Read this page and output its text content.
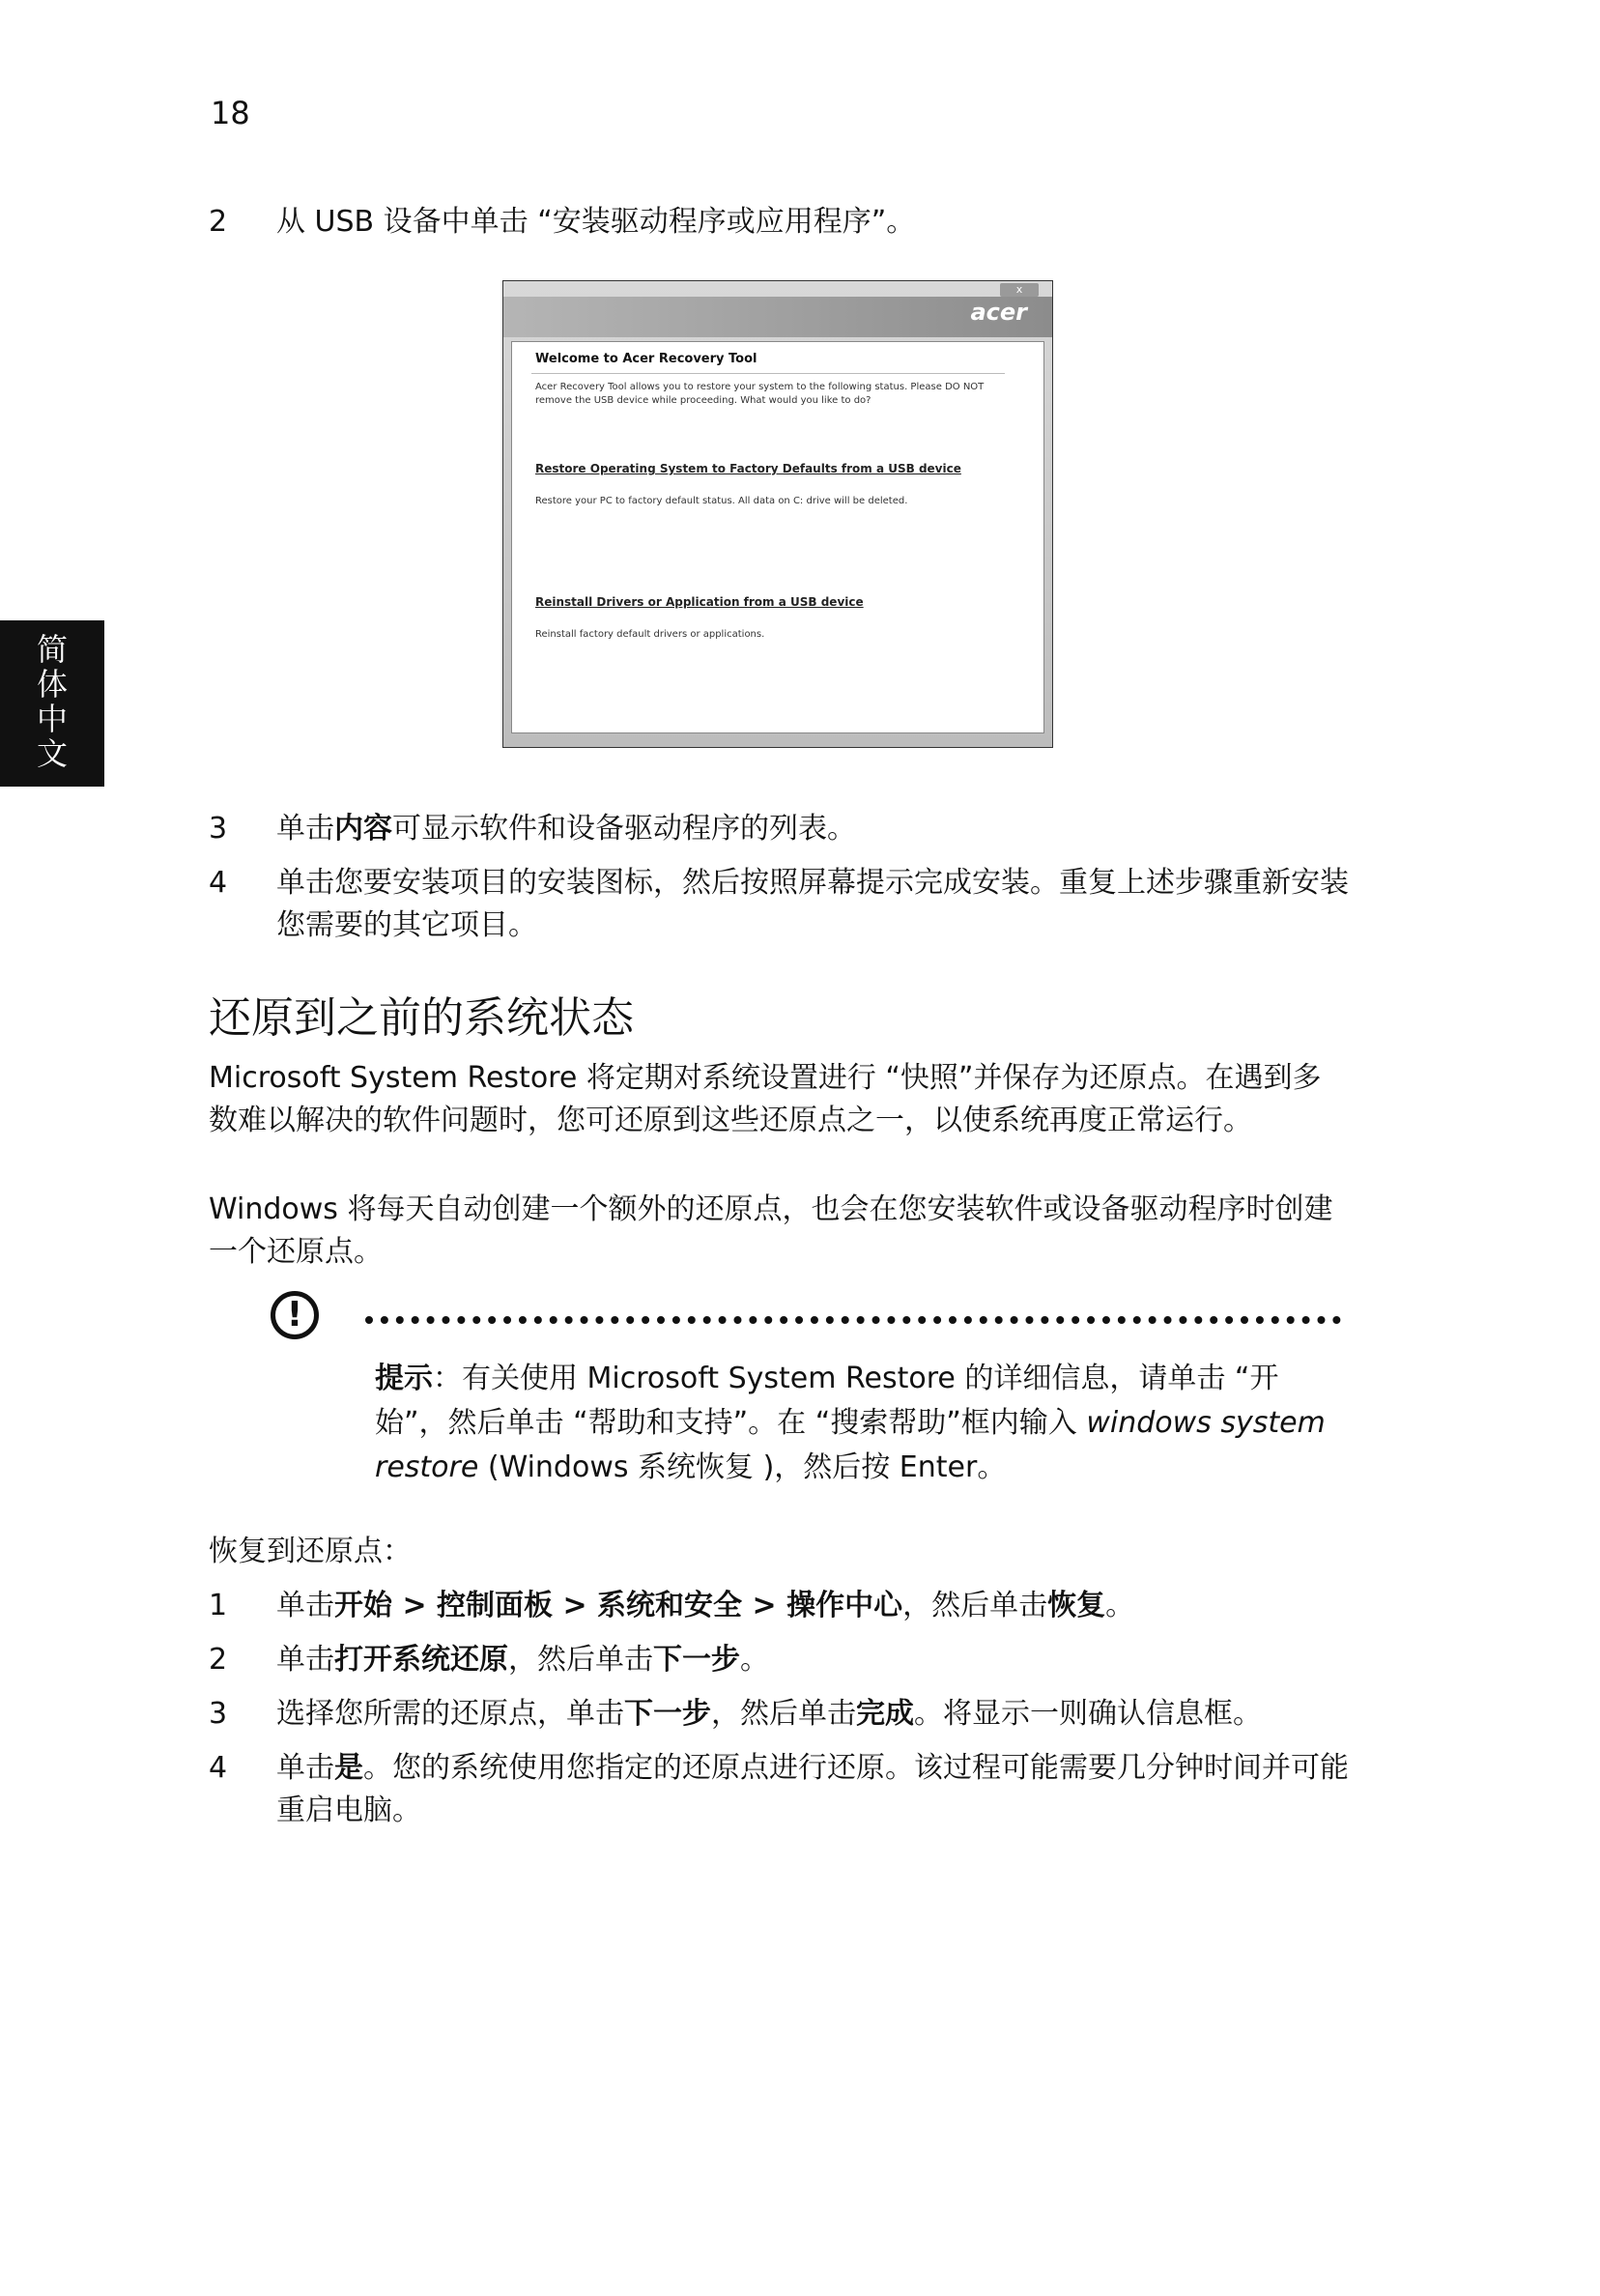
18
简
体
中
文
2 从 USB 设备中单击 “安装驱动程序或应用程序”。
x
acer
Welcome to Acer Recovery Tool
Acer Recovery Tool allows you to restore your system to the following status. Please DO NOT remove the USB device while proceeding. What would you like to do?
Restore Operating System to Factory Defaults from a USB device
Restore your PC to factory default status. All data on C: drive will be deleted.
Reinstall Drivers or Application from a USB device
Reinstall factory default drivers or applications.
3 单击内容可显示软件和设备驱动程序的列表。
4 单击您要安装项目的安装图标，然后按照屏幕提示完成安装。重复上述步骤重新安装您需要的其它项目。
还原到之前的系统状态
Microsoft System Restore 将定期对系统设置进行 “快照”并保存为还原点。在遇到多数难以解决的软件问题时，您可还原到这些还原点之一，以使系统再度正常运行。
Windows 将每天自动创建一个额外的还原点，也会在您安装软件或设备驱动程序时创建一个还原点。
!
提示：有关使用 Microsoft System Restore 的详细信息，请单击 “开始”，然后单击 “帮助和支持”。在 “搜索帮助”框内输入 windows system restore (Windows 系统恢复 )，然后按 Enter。
恢复到还原点：
1 单击开始 > 控制面板 > 系统和安全 > 操作中心，然后单击恢复。
2 单击打开系统还原，然后单击下一步。
3 选择您所需的还原点，单击下一步，然后单击完成。将显示一则确认信息框。
4 单击是。您的系统使用您指定的还原点进行还原。该过程可能需要几分钟时间并可能重启电脑。
